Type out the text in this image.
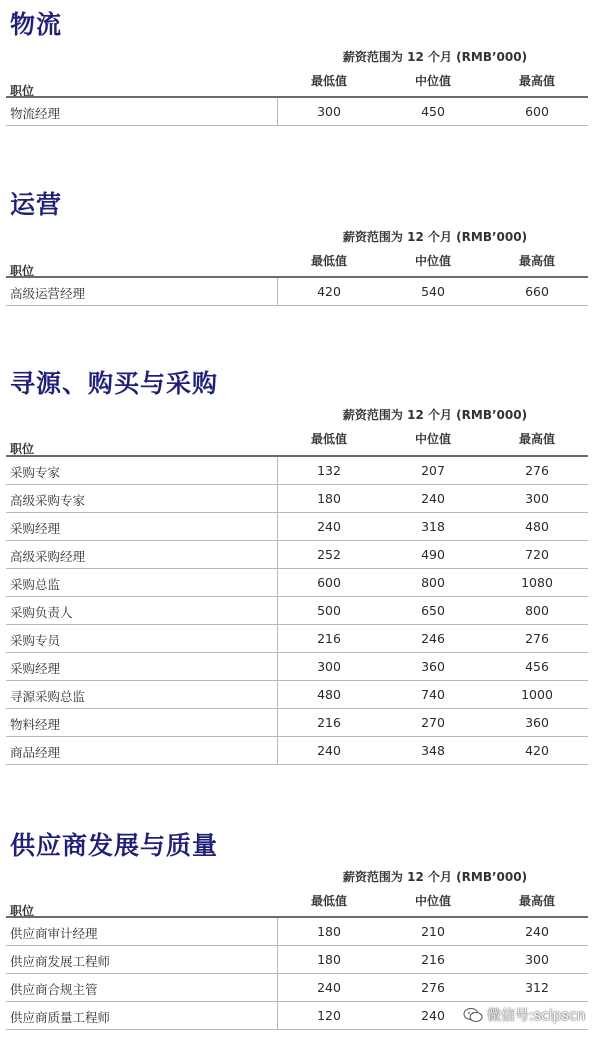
物流
薪资范围为 12 个月 (RMB’000)
职位
最低值	中位值	最高值
物流经理	300	450	600
运营
薪资范围为 12 个月 (RMB’000)
职位
最低值	中位值	最高值
高级运营经理	420	540	660
寻源、购买与采购
薪资范围为 12 个月 (RMB’000)
职位
最低值	中位值	最高值
采购专家	132	207	276
高级采购专家	180	240	300
采购经理	240	318	480
高级采购经理	252	490	720
采购总监	600	800	1080
采购负责人	500	650	800
采购专员	216	246	276
采购经理	300	360	456
寻源采购总监	480	740	1000
物料经理	216	270	360
商品经理	240	348	420
供应商发展与质量
薪资范围为 12 个月 (RMB’000)
职位
最低值	中位值	最高值
供应商审计经理	180	210	240
供应商发展工程师	180	216	300
供应商合规主管	240	276	312
供应商质量工程师	120	240	微信号:scipscn
